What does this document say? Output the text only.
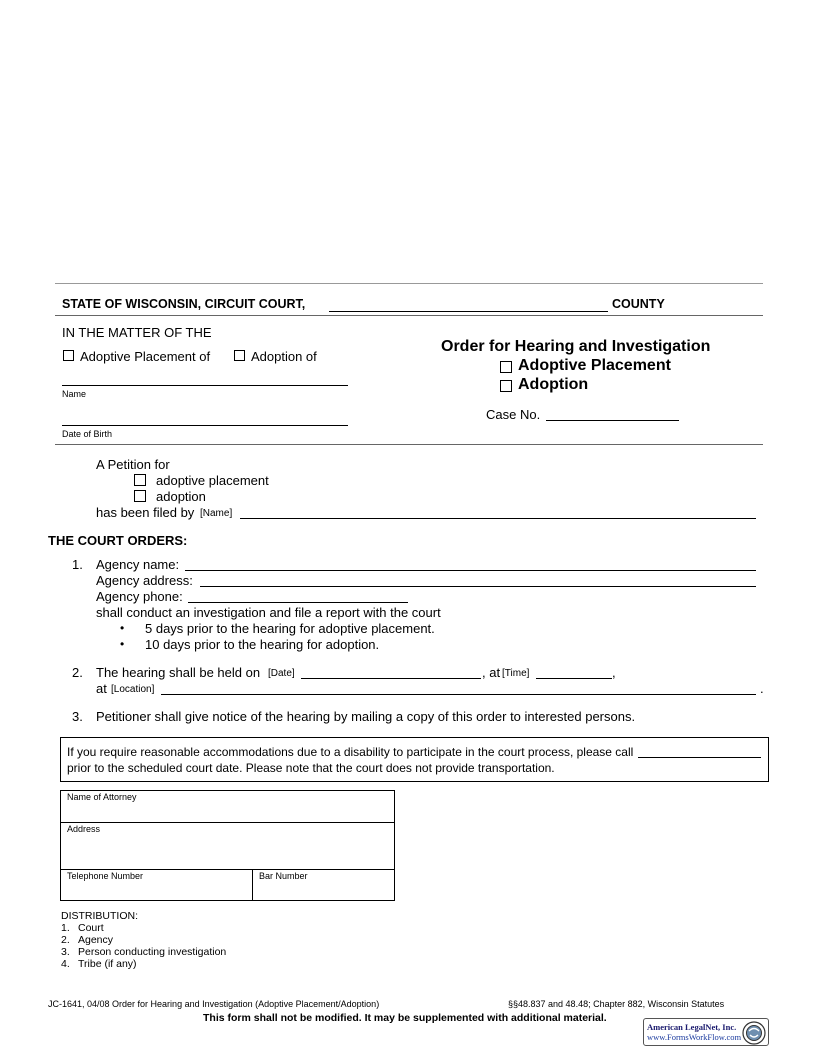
STATE OF WISCONSIN, CIRCUIT COURT,	COUNTY
IN THE MATTER OF THE
Adoptive Placement of	Adoption of
Name
Date of Birth
Order for Hearing and Investigation
Adoptive Placement
Adoption
Case No.
A Petition for
adoptive placement
adoption
has been filed by [Name]
THE COURT ORDERS:
1. Agency name:
Agency address:
Agency phone:
shall conduct an investigation and file a report with the court
• 5 days prior to the hearing for adoptive placement.
• 10 days prior to the hearing for adoption.
2. The hearing shall be held on [Date]	, at [Time]	,
at [Location]	.
3. Petitioner shall give notice of the hearing by mailing a copy of this order to interested persons.
If you require reasonable accommodations due to a disability to participate in the court process, please call
prior to the scheduled court date. Please note that the court does not provide transportation.
Name of Attorney
Address
Telephone Number	Bar Number
DISTRIBUTION:
1. Court
2. Agency
3. Person conducting investigation
4. Tribe (if any)
JC-1641, 04/08 Order for Hearing and Investigation (Adoptive Placement/Adoption)	§§48.837 and 48.48; Chapter 882, Wisconsin Statutes
This form shall not be modified. It may be supplemented with additional material.
American LegalNet, Inc.
www.FormsWorkFlow.com
